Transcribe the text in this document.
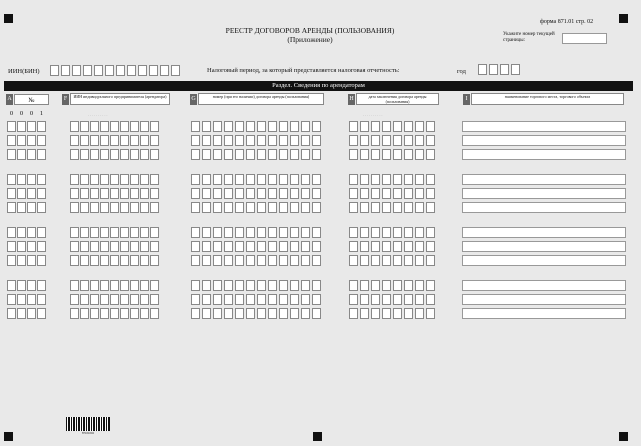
РЕЕСТР ДОГОВОРОВ АРЕНДЫ (ПОЛЬЗОВАНИЯ)
(Приложение)
форма 871.01 стр. 02
Укажите номер текущей страницы:
ИИН(БИН)	Налоговый период, за который представляется налоговая отчетность:	год
Раздел. Сведения по арендаторам
A	№	F	ИИН индивидуального предпринимателя (арендатора)	G	номер (при его наличии) договора аренды (пользования)	H	дата заключения договора аренды (пользования)	I	наименование торгового места, торгового объекта
· · · · · · · · · ·	· · · · · · · · · ·
0	0	0	1
87101002
